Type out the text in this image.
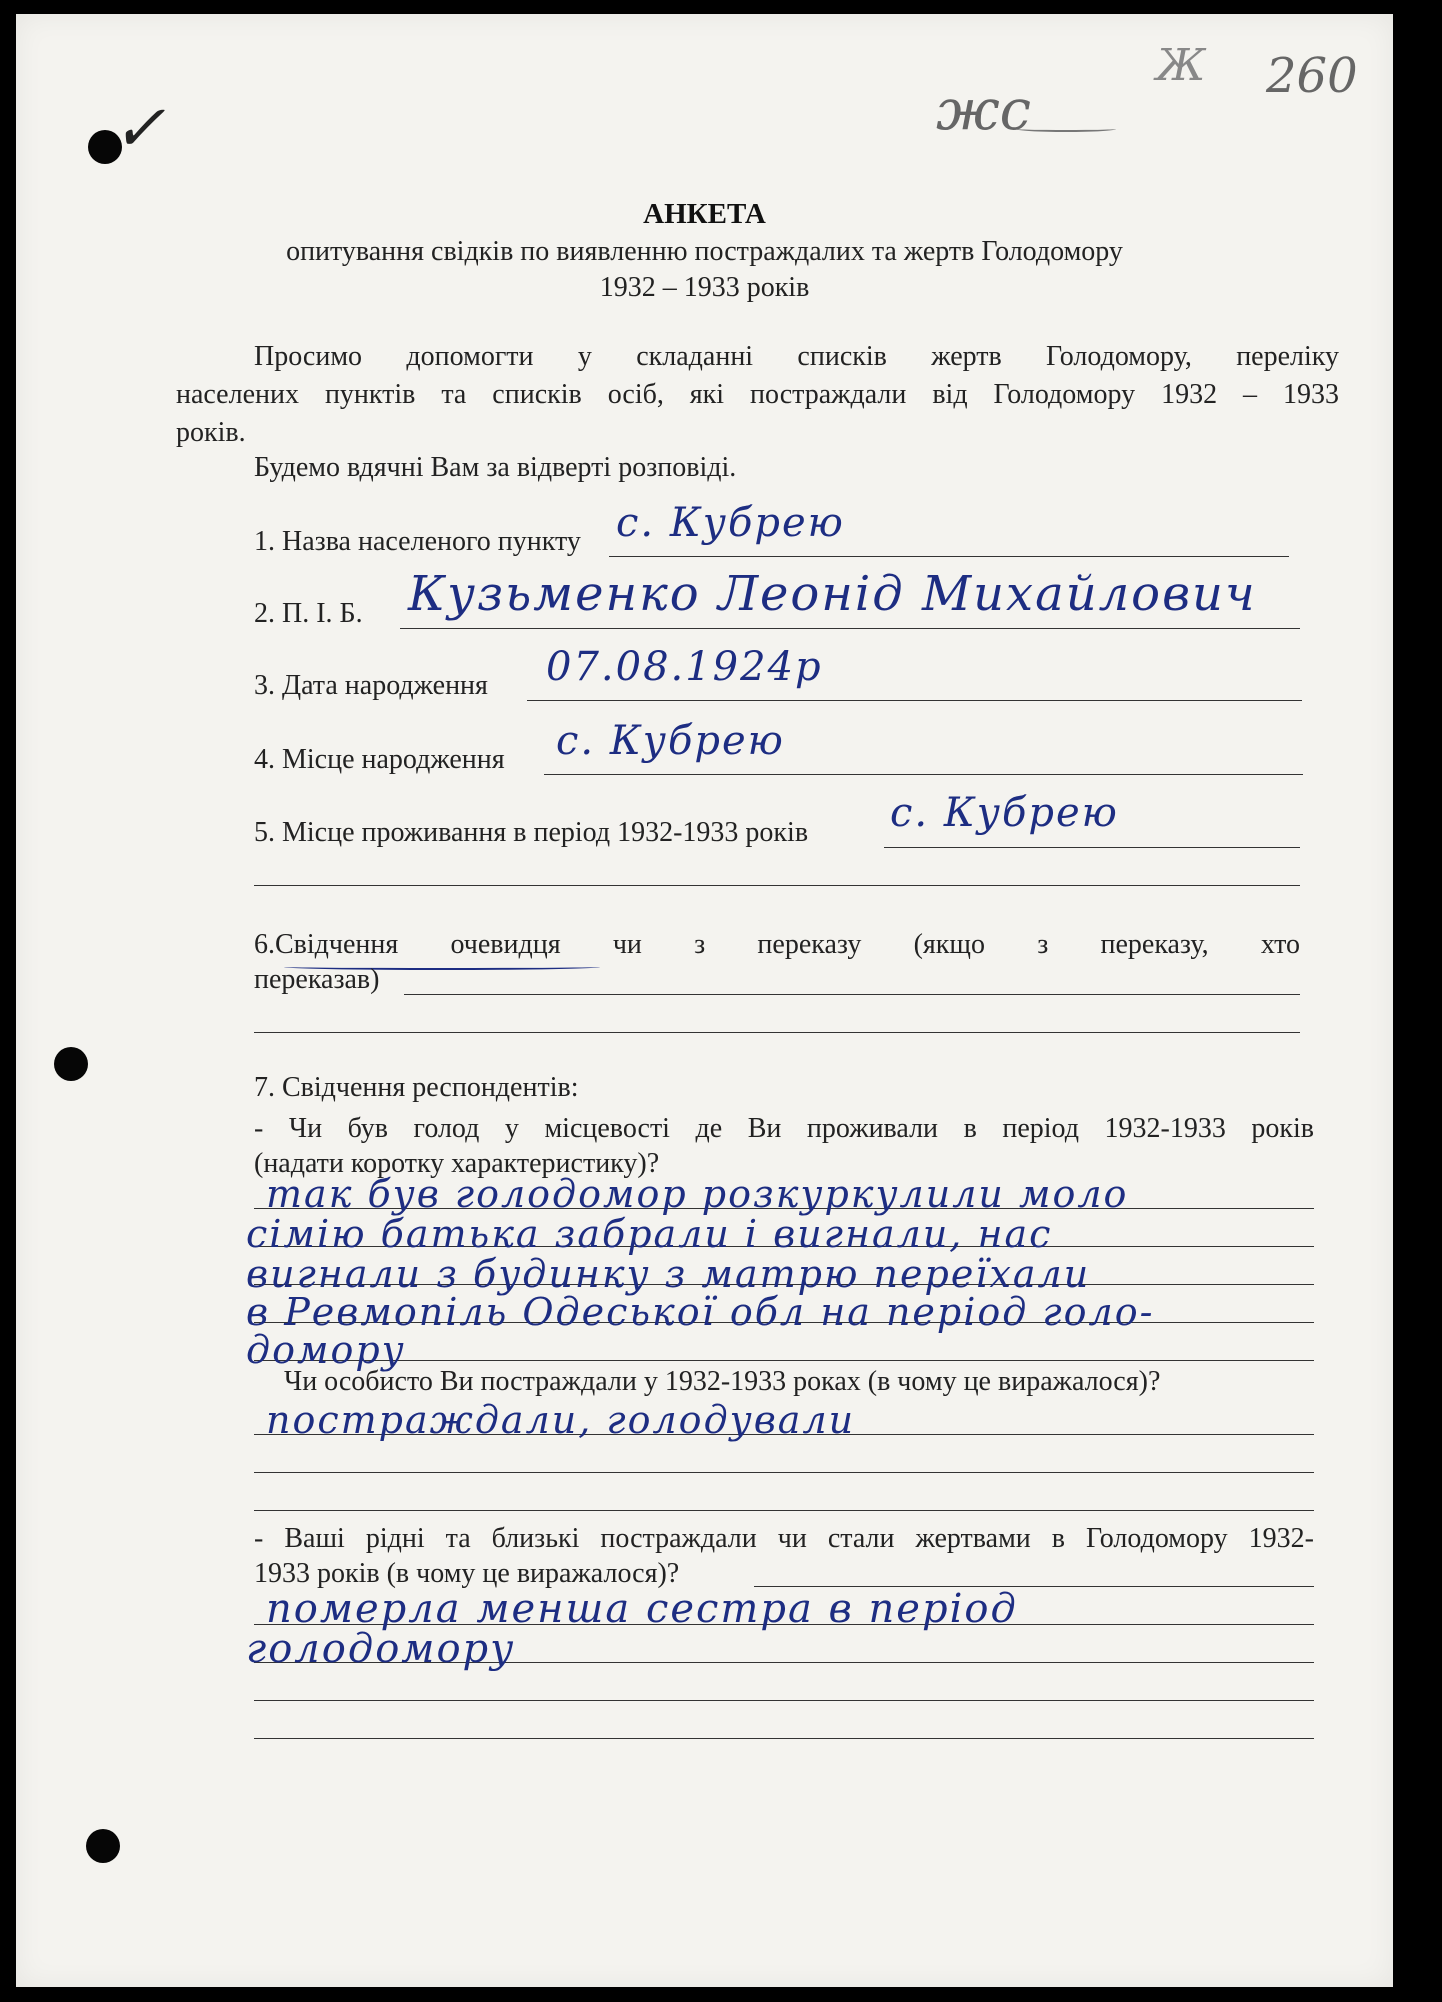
✓	жс
Ж 260
АНКЕТА
опитування свідків по виявленню постраждалих та жертв Голодомору
1932 – 1933 років
Просимо допомогти у складанні списків жертв Голодомору, переліку
населених пунктів та списків осіб, які постраждали від Голодомору 1932 – 1933
років.
Будемо вдячні Вам за відверті розповіді.
1. Назва населеного пункту с. Кубрею
2. П. І. Б. Кузьменко Леонід Михайлович
3. Дата народження 07.08.1924р
4. Місце народження с. Кубрею
5. Місце проживання в період 1932-1933 років с. Кубрею
6.Свідчення очевидця чи з переказу (якщо з переказу, хто
переказав)
7. Свідчення респондентів:
- Чи був голод у місцевості де Ви проживали в період 1932-1933 років
(надати коротку характеристику)?
так був голодомор розкуркулили моло
сімію батька забрали і вигнали, нас
вигнали з будинку з матрю переїхали
в Ревмопіль Одеської обл на період голо-
домору
Чи особисто Ви постраждали у 1932-1933 роках (в чому це виражалося)?
постраждали, голодували
- Ваші рідні та близькі постраждали чи стали жертвами в Голодомору 1932-
1933 років (в чому це виражалося)?
померла менша сестра в період
голодомору
